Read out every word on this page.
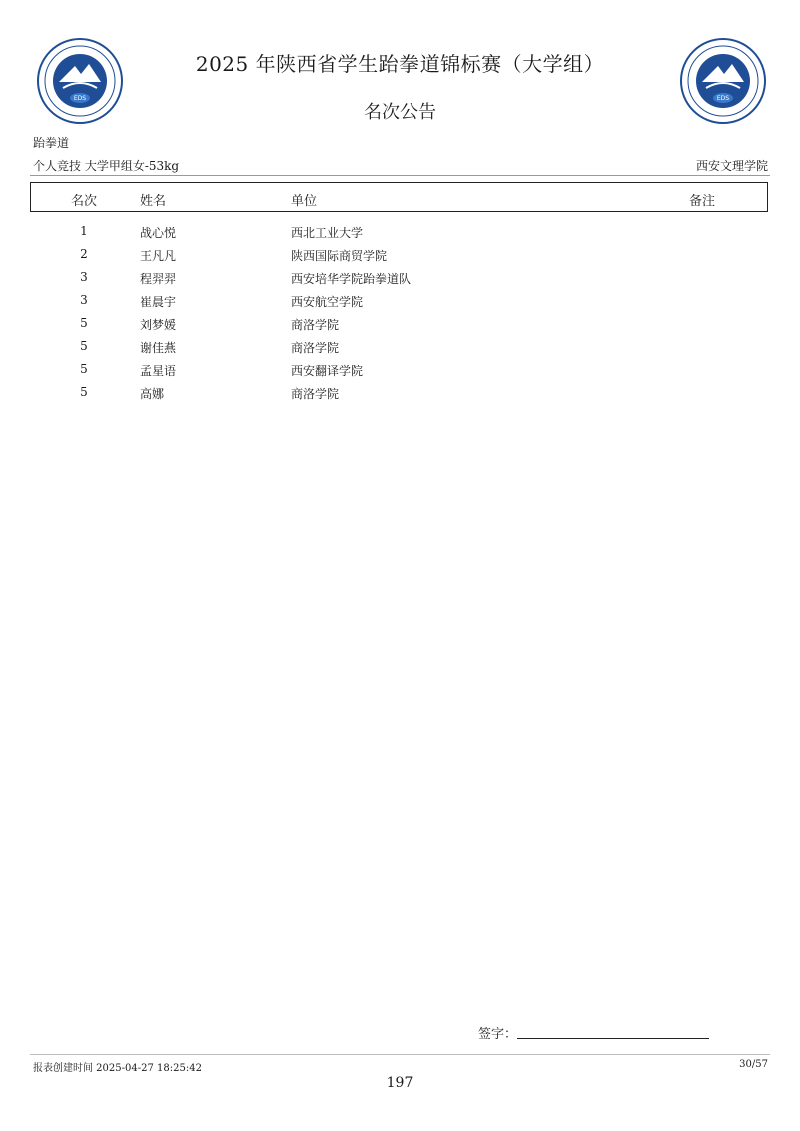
EDS	EDS
2025 年陕西省学生跆拳道锦标赛（大学组）
名次公告
跆拳道
个人竞技 大学甲组女-53kg	西安文理学院
名次	姓名	单位	备注
1	战心悦	西北工业大学
2	王凡凡	陕西国际商贸学院
3	程羿羿	西安培华学院跆拳道队
3	崔晨宇	西安航空学院
5	刘梦媛	商洛学院
5	谢佳燕	商洛学院
5	孟星语	西安翻译学院
5	高娜	商洛学院
签字：
报表创建时间 2025-04-27 18:25:42	30/57
197
